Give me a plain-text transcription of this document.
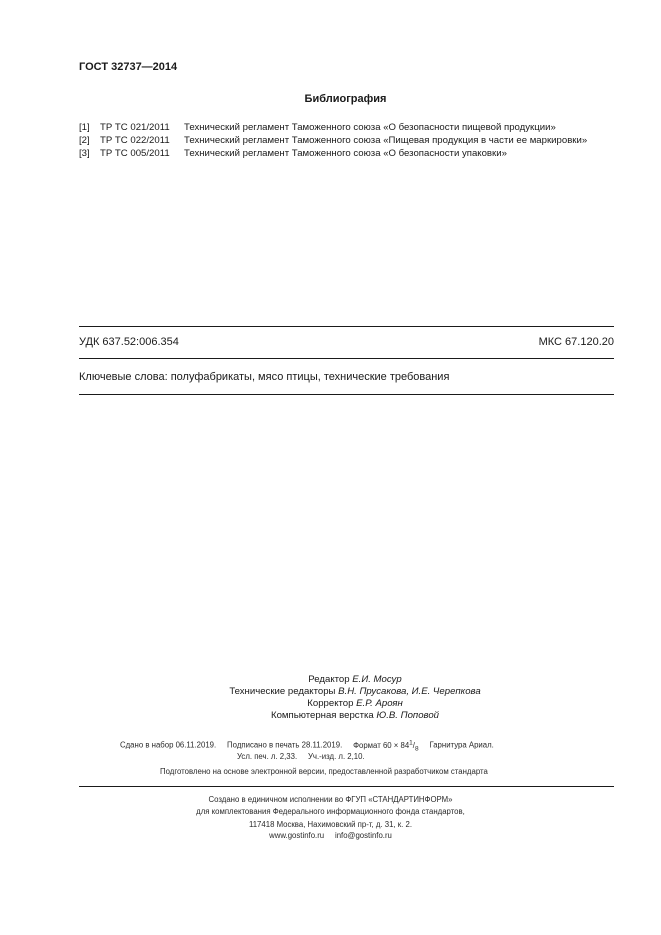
ГОСТ 32737—2014
Библиография
[1] ТР ТС 021/2011 Технический регламент Таможенного союза «О безопасности пищевой продукции»
[2] ТР ТС 022/2011 Технический регламент Таможенного союза «Пищевая продукция в части ее маркировки»
[3] ТР ТС 005/2011 Технический регламент Таможенного союза «О безопасности упаковки»
УДК 637.52:006.354	МКС 67.120.20
Ключевые слова: полуфабрикаты, мясо птицы, технические требования
Редактор Е.И. Мосур
Технические редакторы В.Н. Прусакова, И.Е. Черепкова
Корректор Е.Р. Ароян
Компьютерная верстка Ю.В. Поповой
Сдано в набор 06.11.2019. Подписано в печать 28.11.2019. Формат $60 \times 84^1/_8$ Гарнитура Ариал.
Усл. печ. л. 2,33. Уч.-изд. л. 2,10.
Подготовлено на основе электронной версии, предоставленной разработчиком стандарта
Создано в единичном исполнении во ФГУП «СТАНДАРТИНФОРМ»
для комплектования Федерального информационного фонда стандартов,
117418 Москва, Нахимовский пр-т, д. 31, к. 2.
www.gostinfo.ru info@gostinfo.ru
